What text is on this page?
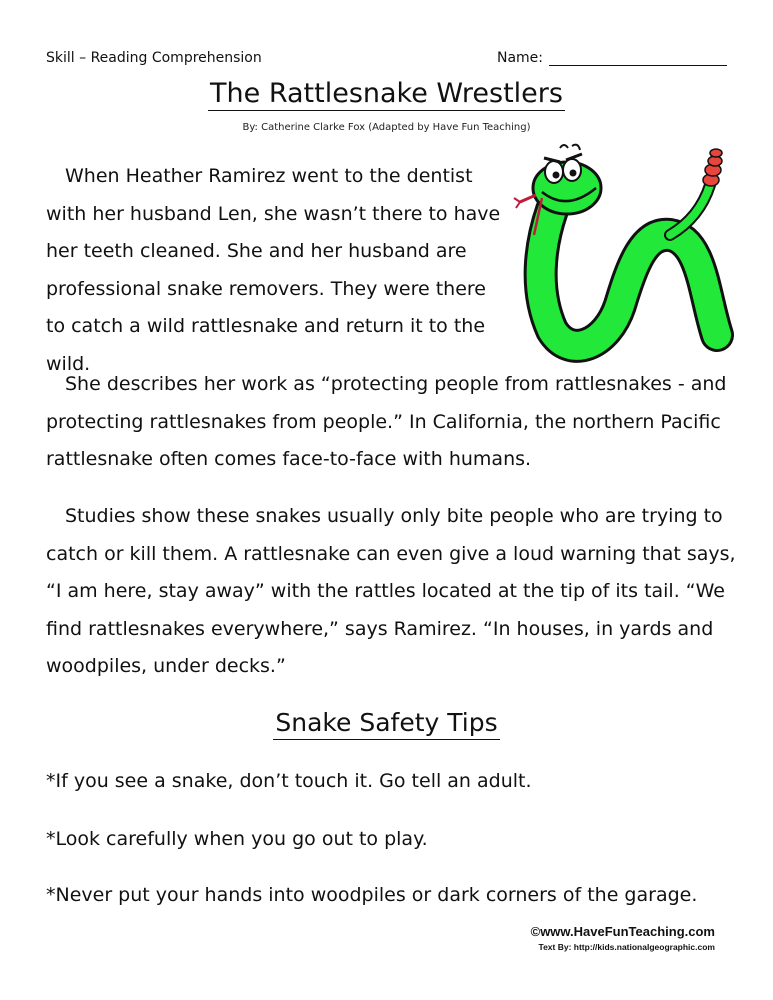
Skill – Reading Comprehension	Name:
The Rattlesnake Wrestlers
By: Catherine Clarke Fox (Adapted by Have Fun Teaching)

 When Heather Ramirez went to the dentist with her husband Len, she wasn’t there to have her teeth cleaned. She and her husband are professional snake removers. They were there to catch a wild rattlesnake and return it to the wild.

 She describes her work as “protecting people from rattlesnakes - and protecting rattlesnakes from people.” In California, the northern Pacific rattlesnake often comes face-to-face with humans.

 Studies show these snakes usually only bite people who are trying to catch or kill them. A rattlesnake can even give a loud warning that says, “I am here, stay away” with the rattles located at the tip of its tail. “We find rattlesnakes everywhere,” says Ramirez. “In houses, in yards and woodpiles, under decks.”

Snake Safety Tips
*If you see a snake, don’t touch it. Go tell an adult.
*Look carefully when you go out to play.
*Never put your hands into woodpiles or dark corners of the garage.
©www.HaveFunTeaching.com
Text By: http://kids.nationalgeographic.com
